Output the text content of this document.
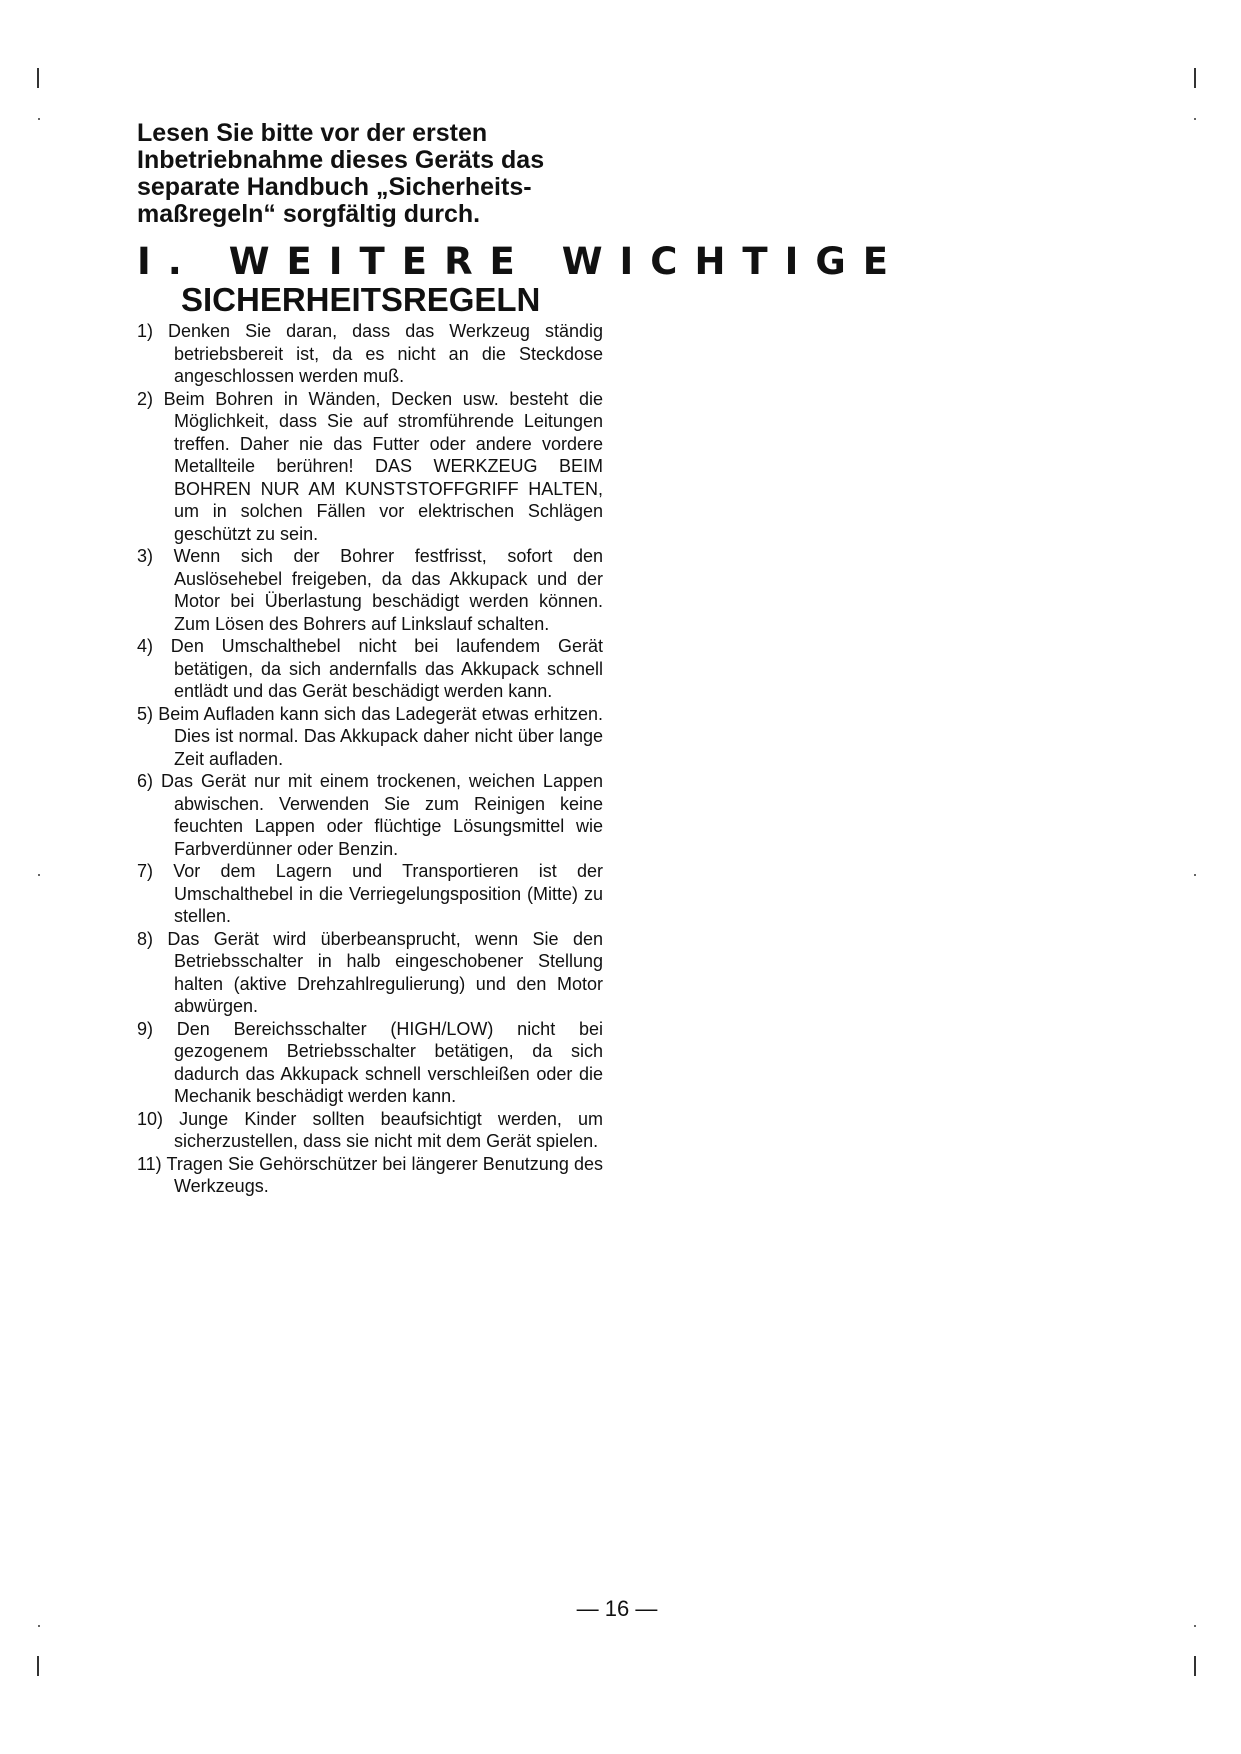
Lesen Sie bitte vor der ersten Inbetriebnahme dieses Geräts das separate Handbuch „Sicherheits-maßregeln“ sorgfältig durch.

I. WEITERE WICHTIGE
SICHERHEITSREGELN
1) Denken Sie daran, dass das Werkzeug ständig betriebsbereit ist, da es nicht an die Steckdose angeschlossen werden muß.
2) Beim Bohren in Wänden, Decken usw. besteht die Möglichkeit, dass Sie auf stromführende Leitungen treffen. Daher nie das Futter oder andere vordere Metallteile berühren! DAS WERKZEUG BEIM BOHREN NUR AM KUNSTSTOFFGRIFF HALTEN, um in solchen Fällen vor elektrischen Schlägen geschützt zu sein.
3) Wenn sich der Bohrer festfrisst, sofort den Auslösehebel freigeben, da das Akkupack und der Motor bei Überlastung beschädigt werden können. Zum Lösen des Bohrers auf Linkslauf schalten.
4) Den Umschalthebel nicht bei laufendem Gerät betätigen, da sich andernfalls das Akkupack schnell entlädt und das Gerät beschädigt werden kann.
5) Beim Aufladen kann sich das Ladegerät etwas erhitzen. Dies ist normal. Das Akkupack daher nicht über lange Zeit aufladen.
6) Das Gerät nur mit einem trockenen, weichen Lappen abwischen. Verwenden Sie zum Reinigen keine feuchten Lappen oder flüchtige Lösungsmittel wie Farbverdünner oder Benzin.
7) Vor dem Lagern und Transportieren ist der Umschalthebel in die Verriegelungsposition (Mitte) zu stellen.
8) Das Gerät wird überbeansprucht, wenn Sie den Betriebsschalter in halb eingeschobener Stellung halten (aktive Drehzahlregulierung) und den Motor abwürgen.
9) Den Bereichsschalter (HIGH/LOW) nicht bei gezogenem Betriebsschalter betätigen, da sich dadurch das Akkupack schnell verschleißen oder die Mechanik beschädigt werden kann.
10) Junge Kinder sollten beaufsichtigt werden, um sicherzustellen, dass sie nicht mit dem Gerät spielen.
11) Tragen Sie Gehörschützer bei längerer Benutzung des Werkzeugs.
— 16 —
